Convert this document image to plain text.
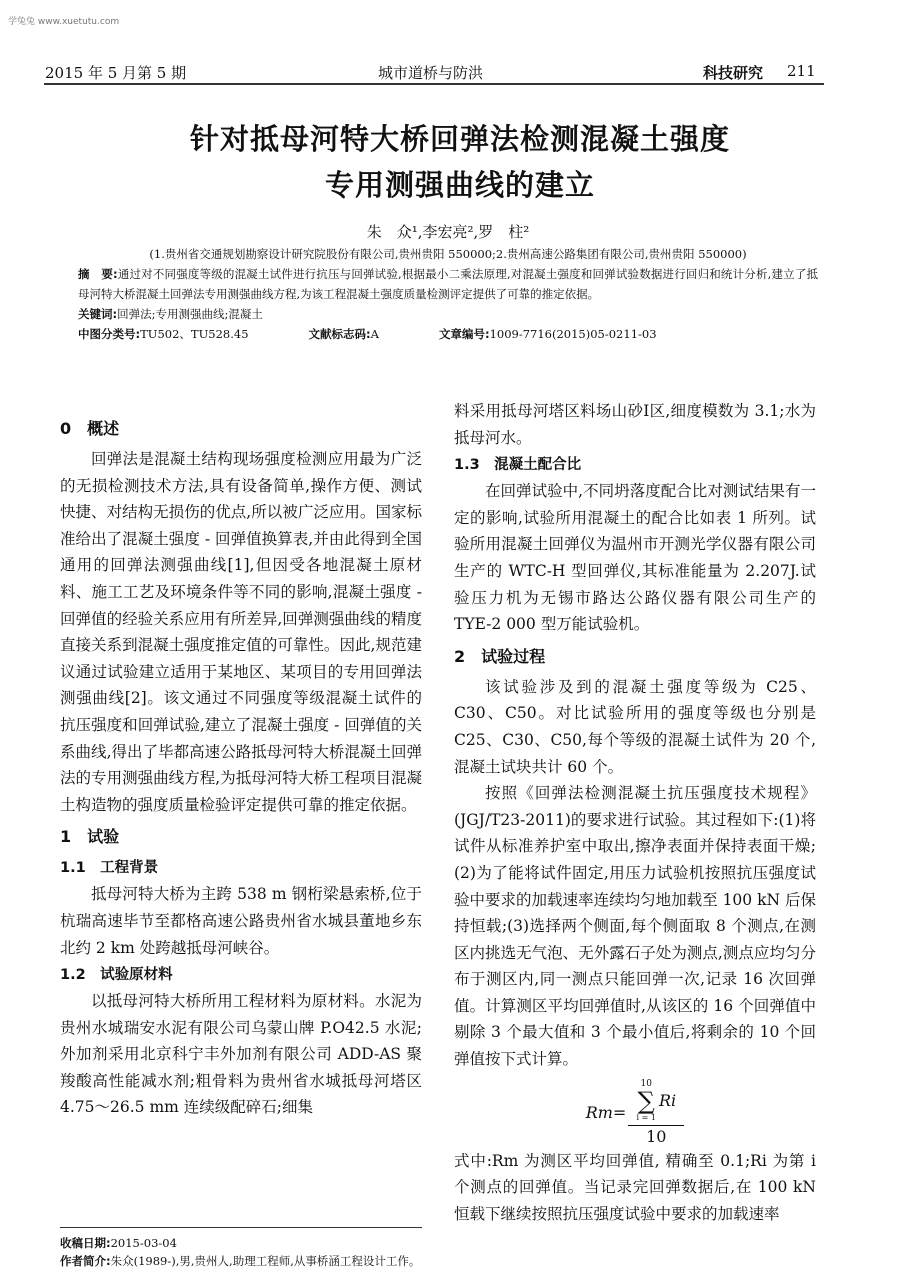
学兔兔 www.xuetutu.com
2015 年 5 月第 5 期	城市道桥与防洪	科技研究 211
针对抵母河特大桥回弹法检测混凝土强度
专用测强曲线的建立
朱　众¹,李宏亮²,罗　柱²
(1.贵州省交通规划勘察设计研究院股份有限公司,贵州贵阳 550000;2.贵州高速公路集团有限公司,贵州贵阳 550000)
摘　要:通过对不同强度等级的混凝土试件进行抗压与回弹试验,根据最小二乘法原理,对混凝土强度和回弹试验数据进行回归和统计分析,建立了抵母河特大桥混凝土回弹法专用测强曲线方程,为该工程混凝土强度质量检测评定提供了可靠的推定依据。
关键词:回弹法;专用测强曲线;混凝土
中图分类号:TU502、TU528.45	文献标志码:A	文章编号:1009-7716(2015)05-0211-03
0　概述
回弹法是混凝土结构现场强度检测应用最为广泛的无损检测技术方法,具有设备简单,操作方便、测试快捷、对结构无损伤的优点,所以被广泛应用。国家标准给出了混凝土强度 - 回弹值换算表,并由此得到全国通用的回弹法测强曲线[1],但因受各地混凝土原材料、施工工艺及环境条件等不同的影响,混凝土强度 - 回弹值的经验关系应用有所差异,回弹测强曲线的精度直接关系到混凝土强度推定值的可靠性。因此,规范建议通过试验建立适用于某地区、某项目的专用回弹法测强曲线[2]。该文通过不同强度等级混凝土试件的抗压强度和回弹试验,建立了混凝土强度 - 回弹值的关系曲线,得出了毕都高速公路抵母河特大桥混凝土回弹法的专用测强曲线方程,为抵母河特大桥工程项目混凝土构造物的强度质量检验评定提供可靠的推定依据。
1　试验
1.1　工程背景
抵母河特大桥为主跨 538 m 钢桁梁悬索桥,位于杭瑞高速毕节至都格高速公路贵州省水城县董地乡东北约 2 km 处跨越抵母河峡谷。
1.2　试验原材料
以抵母河特大桥所用工程材料为原材料。水泥为贵州水城瑞安水泥有限公司乌蒙山牌 P.O42.5 水泥;外加剂采用北京科宁丰外加剂有限公司 ADD-AS 聚羧酸高性能减水剂;粗骨料为贵州省水城抵母河塔区 4.75～26.5 mm 连续级配碎石;细集
收稿日期:2015-03-04
作者简介:朱众(1989-),男,贵州人,助理工程师,从事桥涵工程设计工作。
料采用抵母河塔区料场山砂Ⅰ区,细度模数为 3.1;水为抵母河水。
1.3　混凝土配合比
在回弹试验中,不同坍落度配合比对测试结果有一定的影响,试验所用混凝土的配合比如表 1 所列。试验所用混凝土回弹仪为温州市开测光学仪器有限公司生产的 WTC-H 型回弹仪,其标准能量为 2.207J.试验压力机为无锡市路达公路仪器有限公司生产的 TYE-2 000 型万能试验机。
2　试验过程
该试验涉及到的混凝土强度等级为 C25、C30、C50。对比试验所用的强度等级也分别是 C25、C30、C50,每个等级的混凝土试件为 20 个,混凝土试块共计 60 个。
按照《回弹法检测混凝土抗压强度技术规程》(JGJ/T23-2011)的要求进行试验。其过程如下:(1)将试件从标准养护室中取出,擦净表面并保持表面干燥;(2)为了能将试件固定,用压力试验机按照抗压强度试验中要求的加载速率连续均匀地加载至 100 kN 后保持恒载;(3)选择两个侧面,每个侧面取 8 个测点,在测区内挑选无气泡、无外露石子处为测点,测点应均匀分布于测区内,同一测点只能回弹一次,记录 16 次回弹值。计算测区平均回弹值时,从该区的 16 个回弹值中剔除 3 个最大值和 3 个最小值后,将剩余的 10 个回弹值按下式计算。
Rm= 10
∑
i = 1
Ri
10
式中:Rm 为测区平均回弹值, 精确至 0.1;Ri 为第 i 个测点的回弹值。当记录完回弹数据后,在 100 kN 恒载下继续按照抗压强度试验中要求的加载速率
